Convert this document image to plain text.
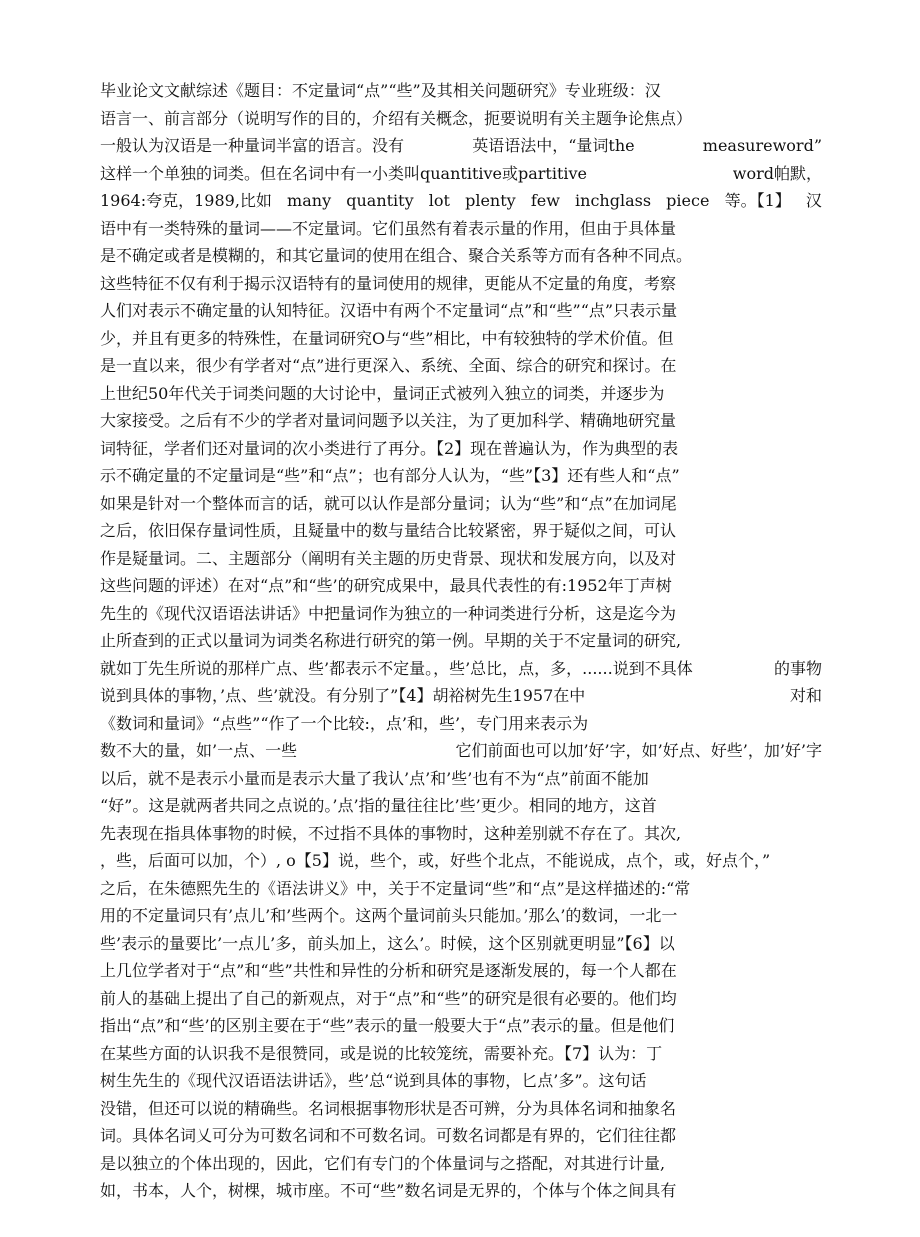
毕业论文文献综述《题目：不定量词“点”“些”及其相关问题研究》专业班级：汉
语言一、前言部分（说明写作的目的，介绍有关概念，扼要说明有关主题争论焦点）
一般认为汉语是一种量词半富的语言。没有	英语语法中，“量词the	measureword”
这样一个单独的词类。但在名词中有一小类叫quantitive或partitive	word帕默，
1964:夸克，1989,比如 many quantity lot plenty few inchglass piece 等。【1】 汉
语中有一类特殊的量词——不定量词。它们虽然有着表示量的作用，但由于具体量
是不确定或者是模糊的，和其它量词的使用在组合、聚合关系等方而有各种不同点。
这些特征不仅有利于揭示汉语特有的量词使用的规律，更能从不定量的角度，考察
人们对表示不确定量的认知特征。汉语中有两个不定量词“点”和“些”“点”只表示量
少，并且有更多的特殊性，在量词研究O与“些”相比，中有较独特的学术价值。但
是一直以来，很少有学者对“点”进行更深入、系统、全面、综合的研究和探讨。在
上世纪50年代关于词类问题的大讨论中，量词正式被列入独立的词类，并逐步为
大家接受。之后有不少的学者对量词问题予以关注，为了更加科学、精确地研究量
词特征，学者们还对量词的次小类进行了再分。【2】现在普遍认为，作为典型的表
示不确定量的不定量词是“些”和“点”；也有部分人认为，“些”【3】还有些人和“点”
如果是针对一个整体而言的话，就可以认作是部分量词；认为“些”和“点”在加词尾
之后，依旧保存量词性质，且疑量中的数与量结合比较紧密，界于疑似之间，可认
作是疑量词。二、主题部分（阐明有关主题的历史背景、现状和发展方向，以及对
这些问题的评述）在对“点”和“些’的研究成果中，最具代表性的有:1952年丁声树
先生的《现代汉语语法讲话》中把量词作为独立的一种词类进行分析，这是迄今为
止所查到的正式以量词为词类名称进行研究的第一例。早期的关于不定量词的研究,
就如丁先生所说的那样广点、些’都表示不定量。，些’总比，点，多，......说到不具体	的事物
说到具体的事物，’点、些’就没。有分别了”【4】胡裕树先生1957在中	对和
《数词和量词》“点些”“作了一个比较:，点’和，些’，专门用来表示为
数不大的量，如’一点、一些	它们前面也可以加’好’字，如’好点、好些’，加’好’字
以后，就不是表示小量而是表示大量了我认’点’和’些’也有不为“点”前面不能加
“好”。这是就两者共同之点说的。’点’指的量往往比’些’更少。相同的地方，这首
先表现在指具体事物的时候，不过指不具体的事物时，这种差别就不存在了。其次,
，些，后面可以加，个）, o【5】说，些个，或，好些个北点，不能说成，点个，或，好点个，”
之后，在朱德熙先生的《语法讲义》中，关于不定量词“些”和“点”是这样描述的:“常
用的不定量词只有’点儿’和’些两个。这两个量词前头只能加。’那么’的数词，一北一
些’表示的量要比’一点儿’多，前头加上，这么’。时候，这个区别就更明显”【6】以
上几位学者对于“点”和“些”共性和异性的分析和研究是逐渐发展的，每一个人都在
前人的基础上提出了自己的新观点，对于“点”和“些”的研究是很有必要的。他们均
指出“点”和“些’的区别主要在于“些”表示的量一般要大于“点”表示的量。但是他们
在某些方面的认识我不是很赞同，或是说的比较笼统，需要补充。【7】认为：丁
树生先生的《现代汉语语法讲话》，些’总“说到具体的事物，匕点’多”。这句话
没错，但还可以说的精确些。名词根据事物形状是否可辨，分为具体名词和抽象名
词。具体名词乂可分为可数名词和不可数名词。可数名词都是有界的，它们往往都
是以独立的个体出现的，因此，它们有专门的个体量词与之搭配，对其进行计量,
如，书本，人个，树棵，城市座。不可“些”数名词是无界的，个体与个体之间具有
